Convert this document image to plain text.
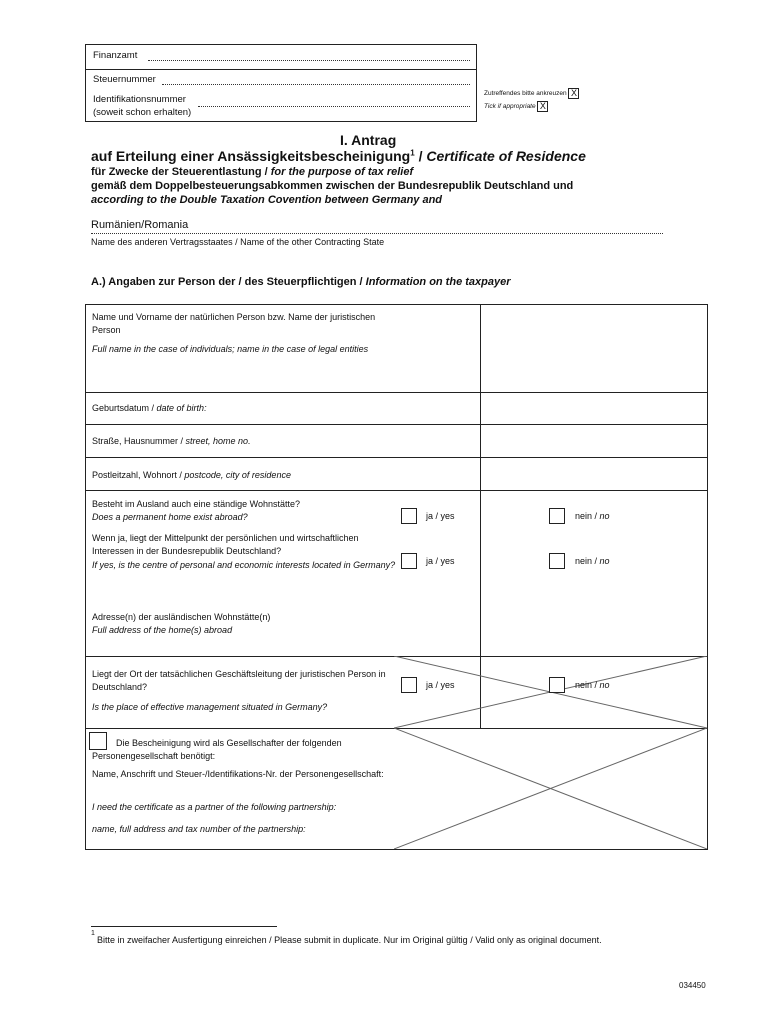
Finanzamt
Steuernummer
Identifikationsnummer
(soweit schon erhalten)
Zutreffendes bitte ankreuzen X
Tick if appropriate X
I. Antrag
auf Erteilung einer Ansässigkeitsbescheinigung$^1$ / Certificate of Residence
für Zwecke der Steuerentlastung / for the purpose of tax relief
gemäß dem Doppelbesteuerungsabkommen zwischen der Bundesrepublik Deutschland und
according to the Double Taxation Covention between Germany and
Rumänien/Romania
Name des anderen Vertragsstaates / Name of the other Contracting State
A.) Angaben zur Person der / des Steuerpflichtigen / Information on the taxpayer
Name und Vorname der natürlichen Person bzw. Name der juristischen Person
Full name in the case of individuals; name in the case of legal entities
Geburtsdatum / date of birth:
Straße, Hausnummer / street, home no.
Postleitzahl, Wohnort / postcode, city of residence
Besteht im Ausland auch eine ständige Wohnstätte?
Does a permanent home exist abroad?	ja / yes	nein / no
Wenn ja, liegt der Mittelpunkt der persönlichen und wirtschaftlichen Interessen in der Bundesrepublik Deutschland?
If yes, is the centre of personal and economic interests located in Germany?	ja / yes	nein / no
Adresse(n) der ausländischen Wohnstätte(n)
Full address of the home(s) abroad
Liegt der Ort der tatsächlichen Geschäftsleitung der juristischen Person in Deutschland?
Is the place of effective management situated in Germany?
ja / yes	nein / no
Die Bescheinigung wird als Gesellschafter der folgenden Personengesellschaft benötigt:
Name, Anschrift und Steuer-/Identifikations-Nr. der Personengesellschaft:
I need the certificate as a partner of the following partnership:
name, full address and tax number of the partnership:
1
Bitte in zweifacher Ausfertigung einreichen / Please submit in duplicate. Nur im Original gültig / Valid only as original document.
034450
